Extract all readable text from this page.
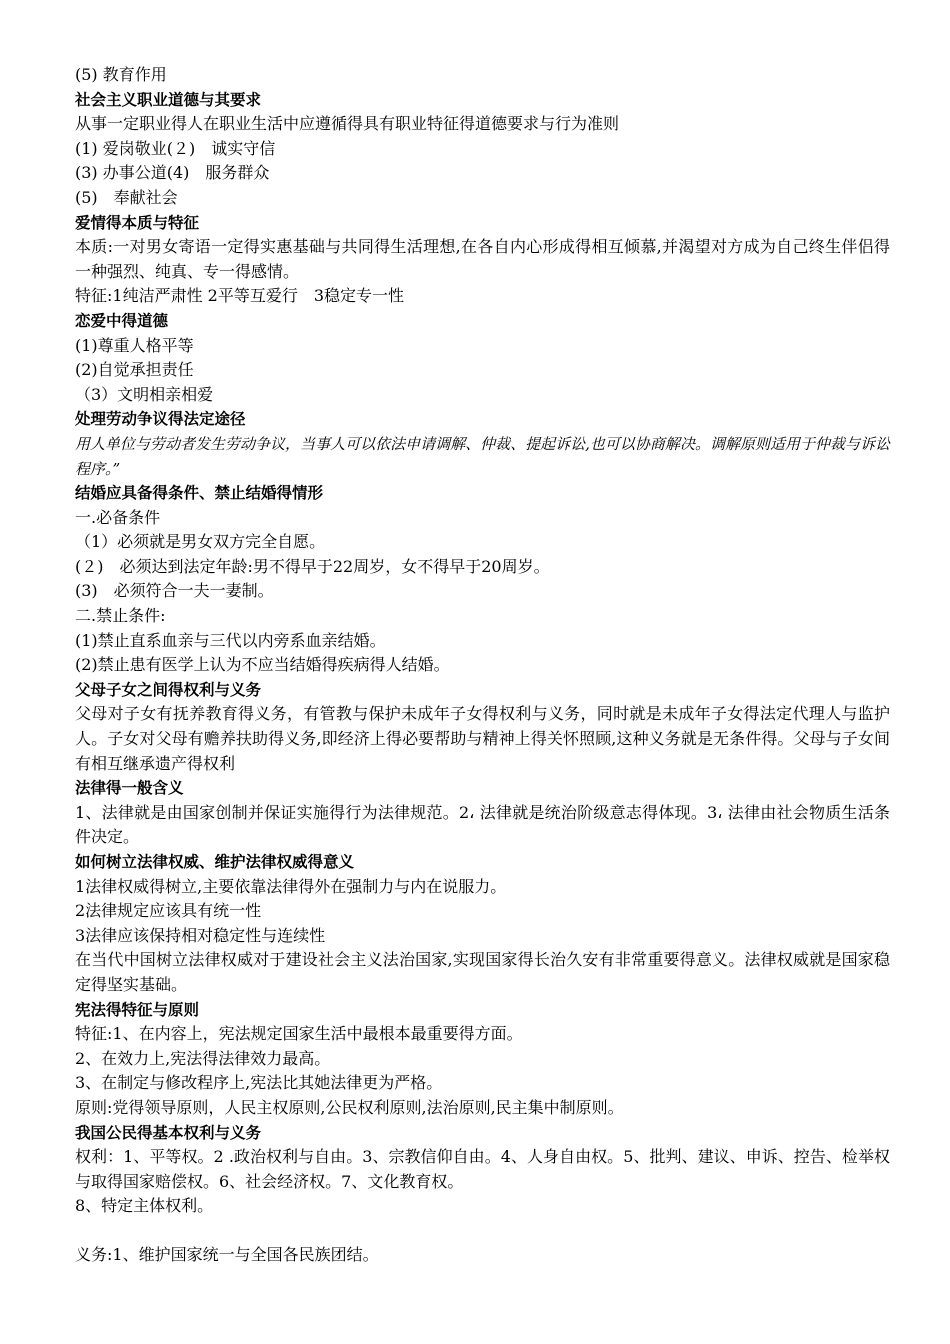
(5) 教育作用
社会主义职业道德与其要求
从事一定职业得人在职业生活中应遵循得具有职业特征得道德要求与行为准则
(1) 爱岗敬业(２)　诚实守信
(3) 办事公道(4)　服务群众
(5)　奉献社会
爱情得本质与特征
本质:一对男女寄语一定得实惠基础与共同得生活理想,在各自内心形成得相互倾慕,并渴望对方成为自己终生伴侣得一种强烈、纯真、专一得感情。
特征:1纯洁严肃性 2平等互爱行　3稳定专一性
恋爱中得道德
(1)尊重人格平等
(2)自觉承担责任
（3）文明相亲相爱
处理劳动争议得法定途径
用人单位与劳动者发生劳动争议，当事人可以依法申请调解、仲裁、提起诉讼,也可以协商解决。调解原则适用于仲裁与诉讼程序。”
结婚应具备得条件、禁止结婚得情形
一.必备条件
（1）必须就是男女双方完全自愿。
(２)　必须达到法定年龄:男不得早于22周岁，女不得早于20周岁。
(3)　必须符合一夫一妻制。
二.禁止条件:
(1)禁止直系血亲与三代以内旁系血亲结婚。
(2)禁止患有医学上认为不应当结婚得疾病得人结婚。
父母子女之间得权利与义务
父母对子女有抚养教育得义务，有管教与保护未成年子女得权利与义务，同时就是未成年子女得法定代理人与监护人。子女对父母有赡养扶助得义务,即经济上得必要帮助与精神上得关怀照顾,这种义务就是无条件得。父母与子女间有相互继承遗产得权利
法律得一般含义
1、法律就是由国家创制并保证实施得行为法律规范。2، 法律就是统治阶级意志得体现。3، 法律由社会物质生活条件决定。
如何树立法律权威、维护法律权威得意义
1法律权威得树立,主要依靠法律得外在强制力与内在说服力。
2法律规定应该具有统一性
3法律应该保持相对稳定性与连续性
在当代中国树立法律权威对于建设社会主义法治国家,实现国家得长治久安有非常重要得意义。法律权威就是国家稳定得坚实基础。
宪法得特征与原则
特征:1、在内容上，宪法规定国家生活中最根本最重要得方面。
2、在效力上,宪法得法律效力最高。
3、在制定与修改程序上,宪法比其她法律更为严格。
原则:党得领导原则，人民主权原则,公民权利原则,法治原则,民主集中制原则。
我国公民得基本权利与义务
权利：1、平等权。2 .政治权利与自由。3、宗教信仰自由。4、人身自由权。5、批判、建议、申诉、控告、检举权与取得国家赔偿权。6、社会经济权。7、文化教育权。
8、特定主体权利。
义务:1、维护国家统一与全国各民族团结。
